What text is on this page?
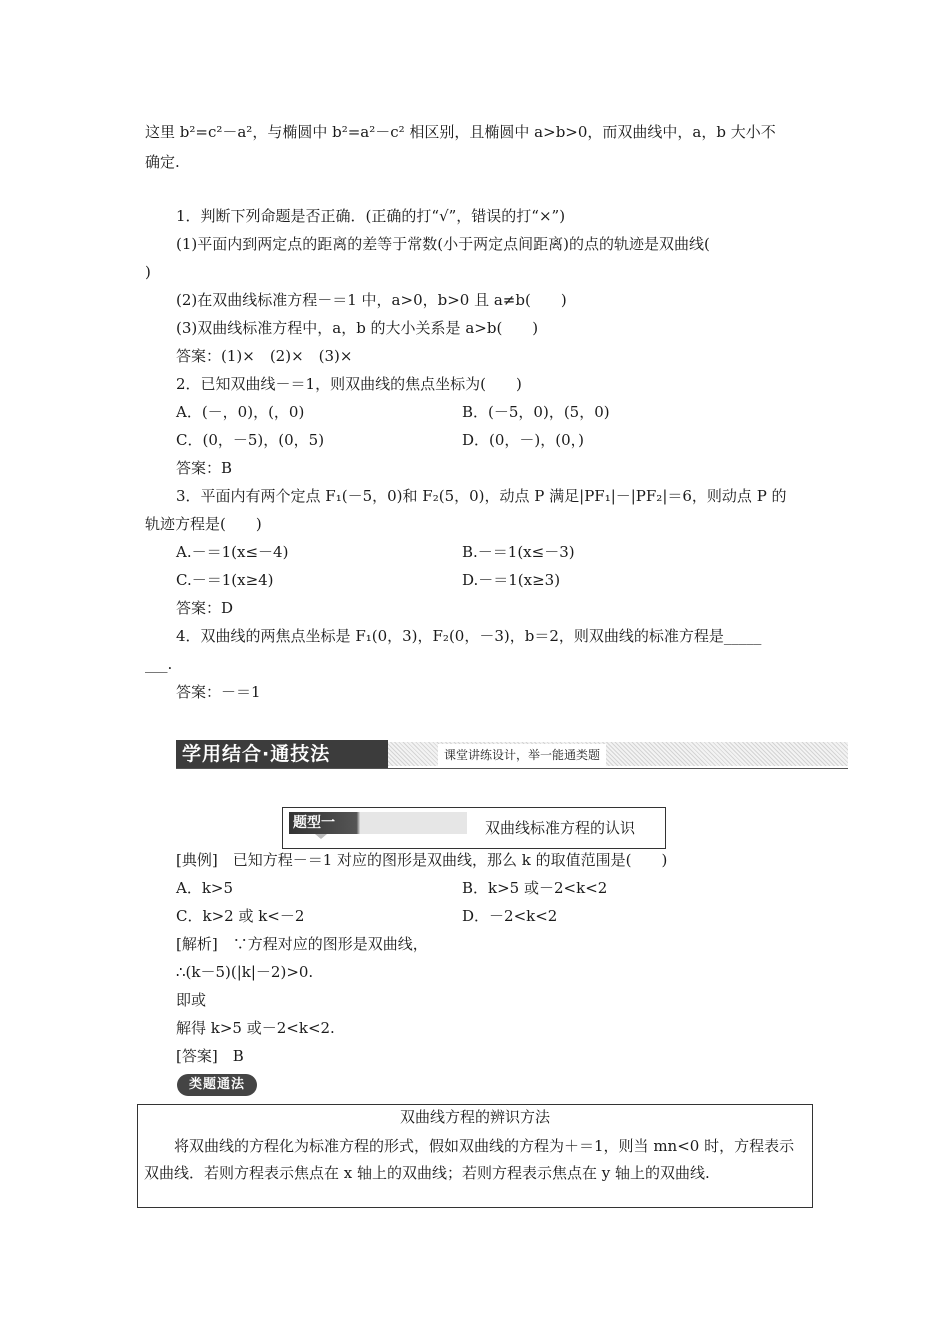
这里 b²=c²－a²，与椭圆中 b²=a²－c² 相区别，且椭圆中 a>b>0，而双曲线中，a，b 大小不
确定.
1．判断下列命题是否正确．(正确的打“√”，错误的打“×”)
(1)平面内到两定点的距离的差等于常数(小于两定点间距离)的点的轨迹是双曲线(
)
(2)在双曲线标准方程－＝1 中，a>0，b>0 且 a≠b(　　)
(3)双曲线标准方程中，a，b 的大小关系是 a>b(　　)
答案：(1)×　(2)×　(3)×
2．已知双曲线－＝1，则双曲线的焦点坐标为(　　)
A．(－，0)，(，0)	B．(－5，0)，(5，0)
C．(0，－5)，(0，5)	D．(0，－)，(0，)
答案：B
3．平面内有两个定点 F₁(－5，0)和 F₂(5，0)，动点 P 满足|PF₁|－|PF₂|＝6，则动点 P 的
轨迹方程是(　　)
A.－＝1(x≤－4)	B.－＝1(x≤－3)
C.－＝1(x≥4)	D.－＝1(x≥3)
答案：D
4．双曲线的两焦点坐标是 F₁(0，3)，F₂(0，－3)，b＝2，则双曲线的标准方程是_____
___.
答案：－＝1
学用结合·通技法	课堂讲练设计，举一能通类题
题型一	双曲线标准方程的认识
[典例]　已知方程－＝1 对应的图形是双曲线，那么 k 的取值范围是(　　)
A．k>5	B．k>5 或－2<k<2
C．k>2 或 k<－2	D．－2<k<2
[解析]　∵方程对应的图形是双曲线，
∴(k－5)(|k|－2)>0.
即或
解得 k>5 或－2<k<2.
[答案]　B
类题通法
双曲线方程的辨识方法
将双曲线的方程化为标准方程的形式，假如双曲线的方程为＋＝1，则当 mn<0 时，方程表示双曲线．若则方程表示焦点在 x 轴上的双曲线；若则方程表示焦点在 y 轴上的双曲线.
